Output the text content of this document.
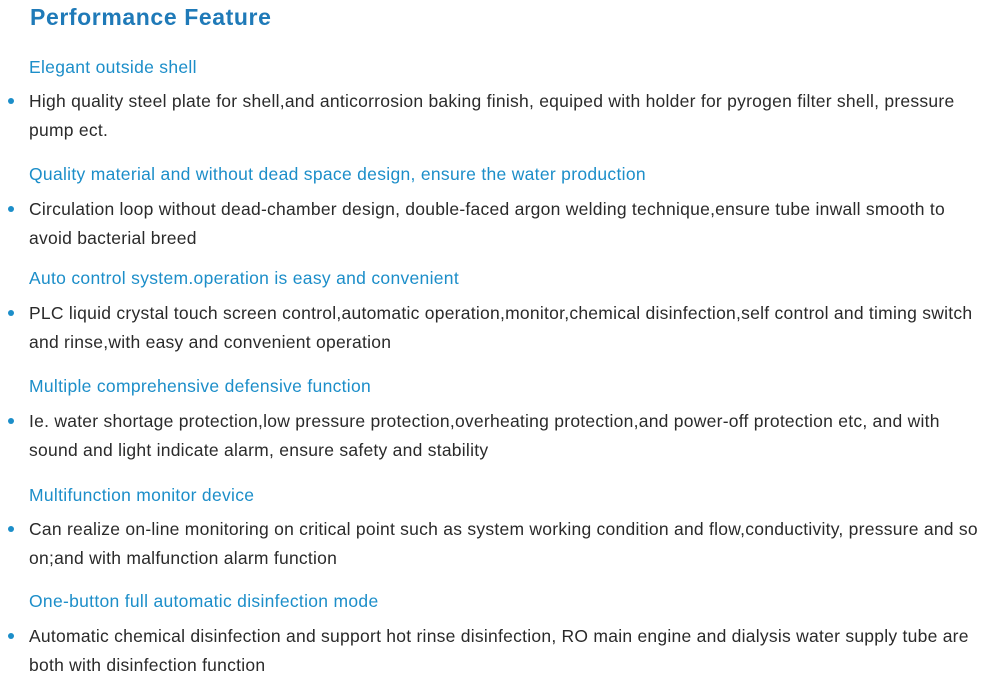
Performance Feature
Elegant outside shell

High quality steel plate for shell,and anticorrosion baking finish, equiped with holder for pyrogen filter shell, pressure pump ect.

Quality material and without dead space design, ensure the water production

Circulation loop without dead-chamber design, double-faced argon welding technique,ensure tube inwall smooth to avoid bacterial breed

Auto control system.operation is easy and convenient

PLC liquid crystal touch screen control,automatic operation,monitor,chemical disinfection,self control and timing switch and rinse,with easy and convenient operation

Multiple comprehensive defensive function

Ie. water shortage protection,low pressure protection,overheating protection,and power-off protection etc, and with sound and light indicate alarm, ensure safety and stability

Multifunction monitor device

Can realize on-line monitoring on critical point such as system working condition and flow,conductivity, pressure and so on;and with malfunction alarm function

One-button full automatic disinfection mode

Automatic chemical disinfection and support hot rinse disinfection, RO main engine and dialysis water supply tube are both with disinfection function
